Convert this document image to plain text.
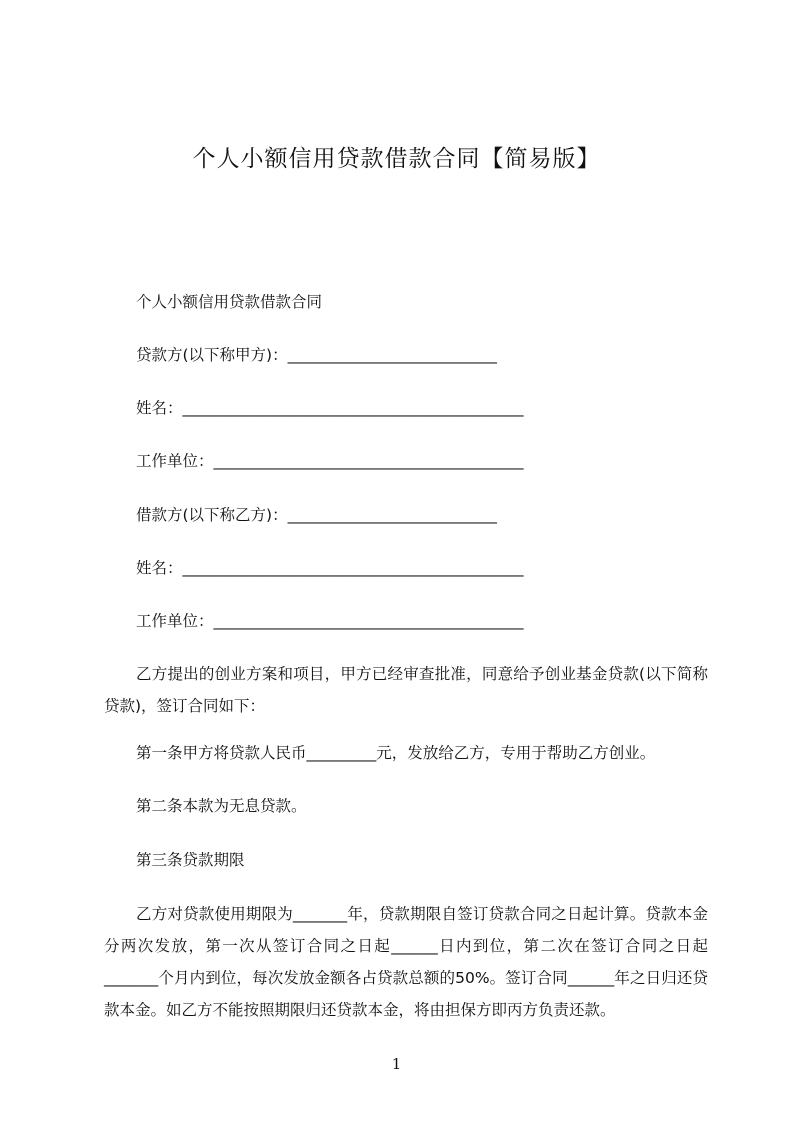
个人小额信用贷款借款合同【简易版】
个人小额信用贷款借款合同
贷款方(以下称甲方)：___________________________
姓名：____________________________________________
工作单位：________________________________________
借款方(以下称乙方)：___________________________
姓名：____________________________________________
工作单位：________________________________________

乙方提出的创业方案和项目，甲方已经审查批准，同意给予创业基金贷款(以下简称贷款)，签订合同如下：

第一条甲方将贷款人民币_________元，发放给乙方，专用于帮助乙方创业。
第二条本款为无息贷款。
第三条贷款期限

乙方对贷款使用期限为_______年，贷款期限自签订贷款合同之日起计算。贷款本金分两次发放，第一次从签订合同之日起______日内到位，第二次在签订合同之日起_______个月内到位，每次发放金额各占贷款总额的50%。签订合同______年之日归还贷款本金。如乙方不能按照期限归还贷款本金，将由担保方即丙方负责还款。

1
